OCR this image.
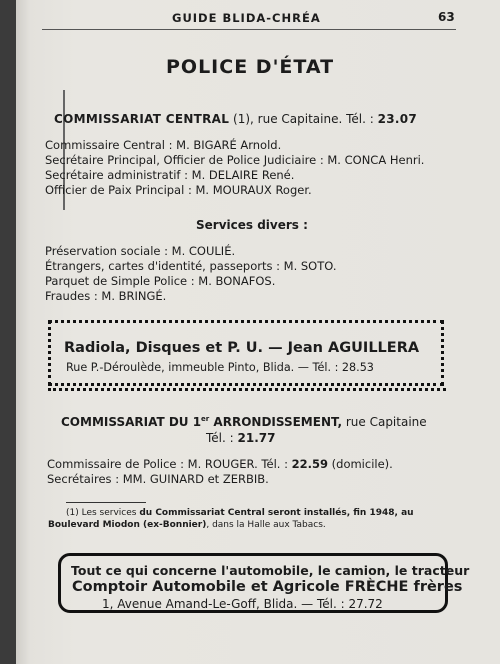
GUIDE BLIDA-CHRÉA	63
POLICE D'ÉTAT
COMMISSARIAT CENTRAL (1), rue Capitaine. Tél. : 23.07
Commissaire Central : M. BIGARÉ Arnold.
Secrétaire Principal, Officier de Police Judiciaire : M. CONCA Henri.
Secrétaire administratif : M. DELAIRE René.
Officier de Paix Principal : M. MOURAUX Roger.
Services divers :
Préservation sociale : M. COULIÉ.
Étrangers, cartes d'identité, passeports : M. SOTO.
Parquet de Simple Police : M. BONAFOS.
Fraudes : M. BRINGÉ.
Radiola, Disques et P. U. — Jean AGUILLERA
Rue P.-Déroulède, immeuble Pinto, Blida. — Tél. : 28.53
COMMISSARIAT DU 1er ARRONDISSEMENT, rue Capitaine
Tél. : 21.77
Commissaire de Police : M. ROUGER. Tél. : 22.59 (domicile).
Secrétaires : MM. GUINARD et ZERBIB.
(1) Les services du Commissariat Central seront installés, fin 1948, au
Boulevard Miodon (ex-Bonnier), dans la Halle aux Tabacs.
Tout ce qui concerne l'automobile, le camion, le tracteur
Comptoir Automobile et Agricole FRÈCHE frères
1, Avenue Amand-Le-Goff, Blida. — Tél. : 27.72
